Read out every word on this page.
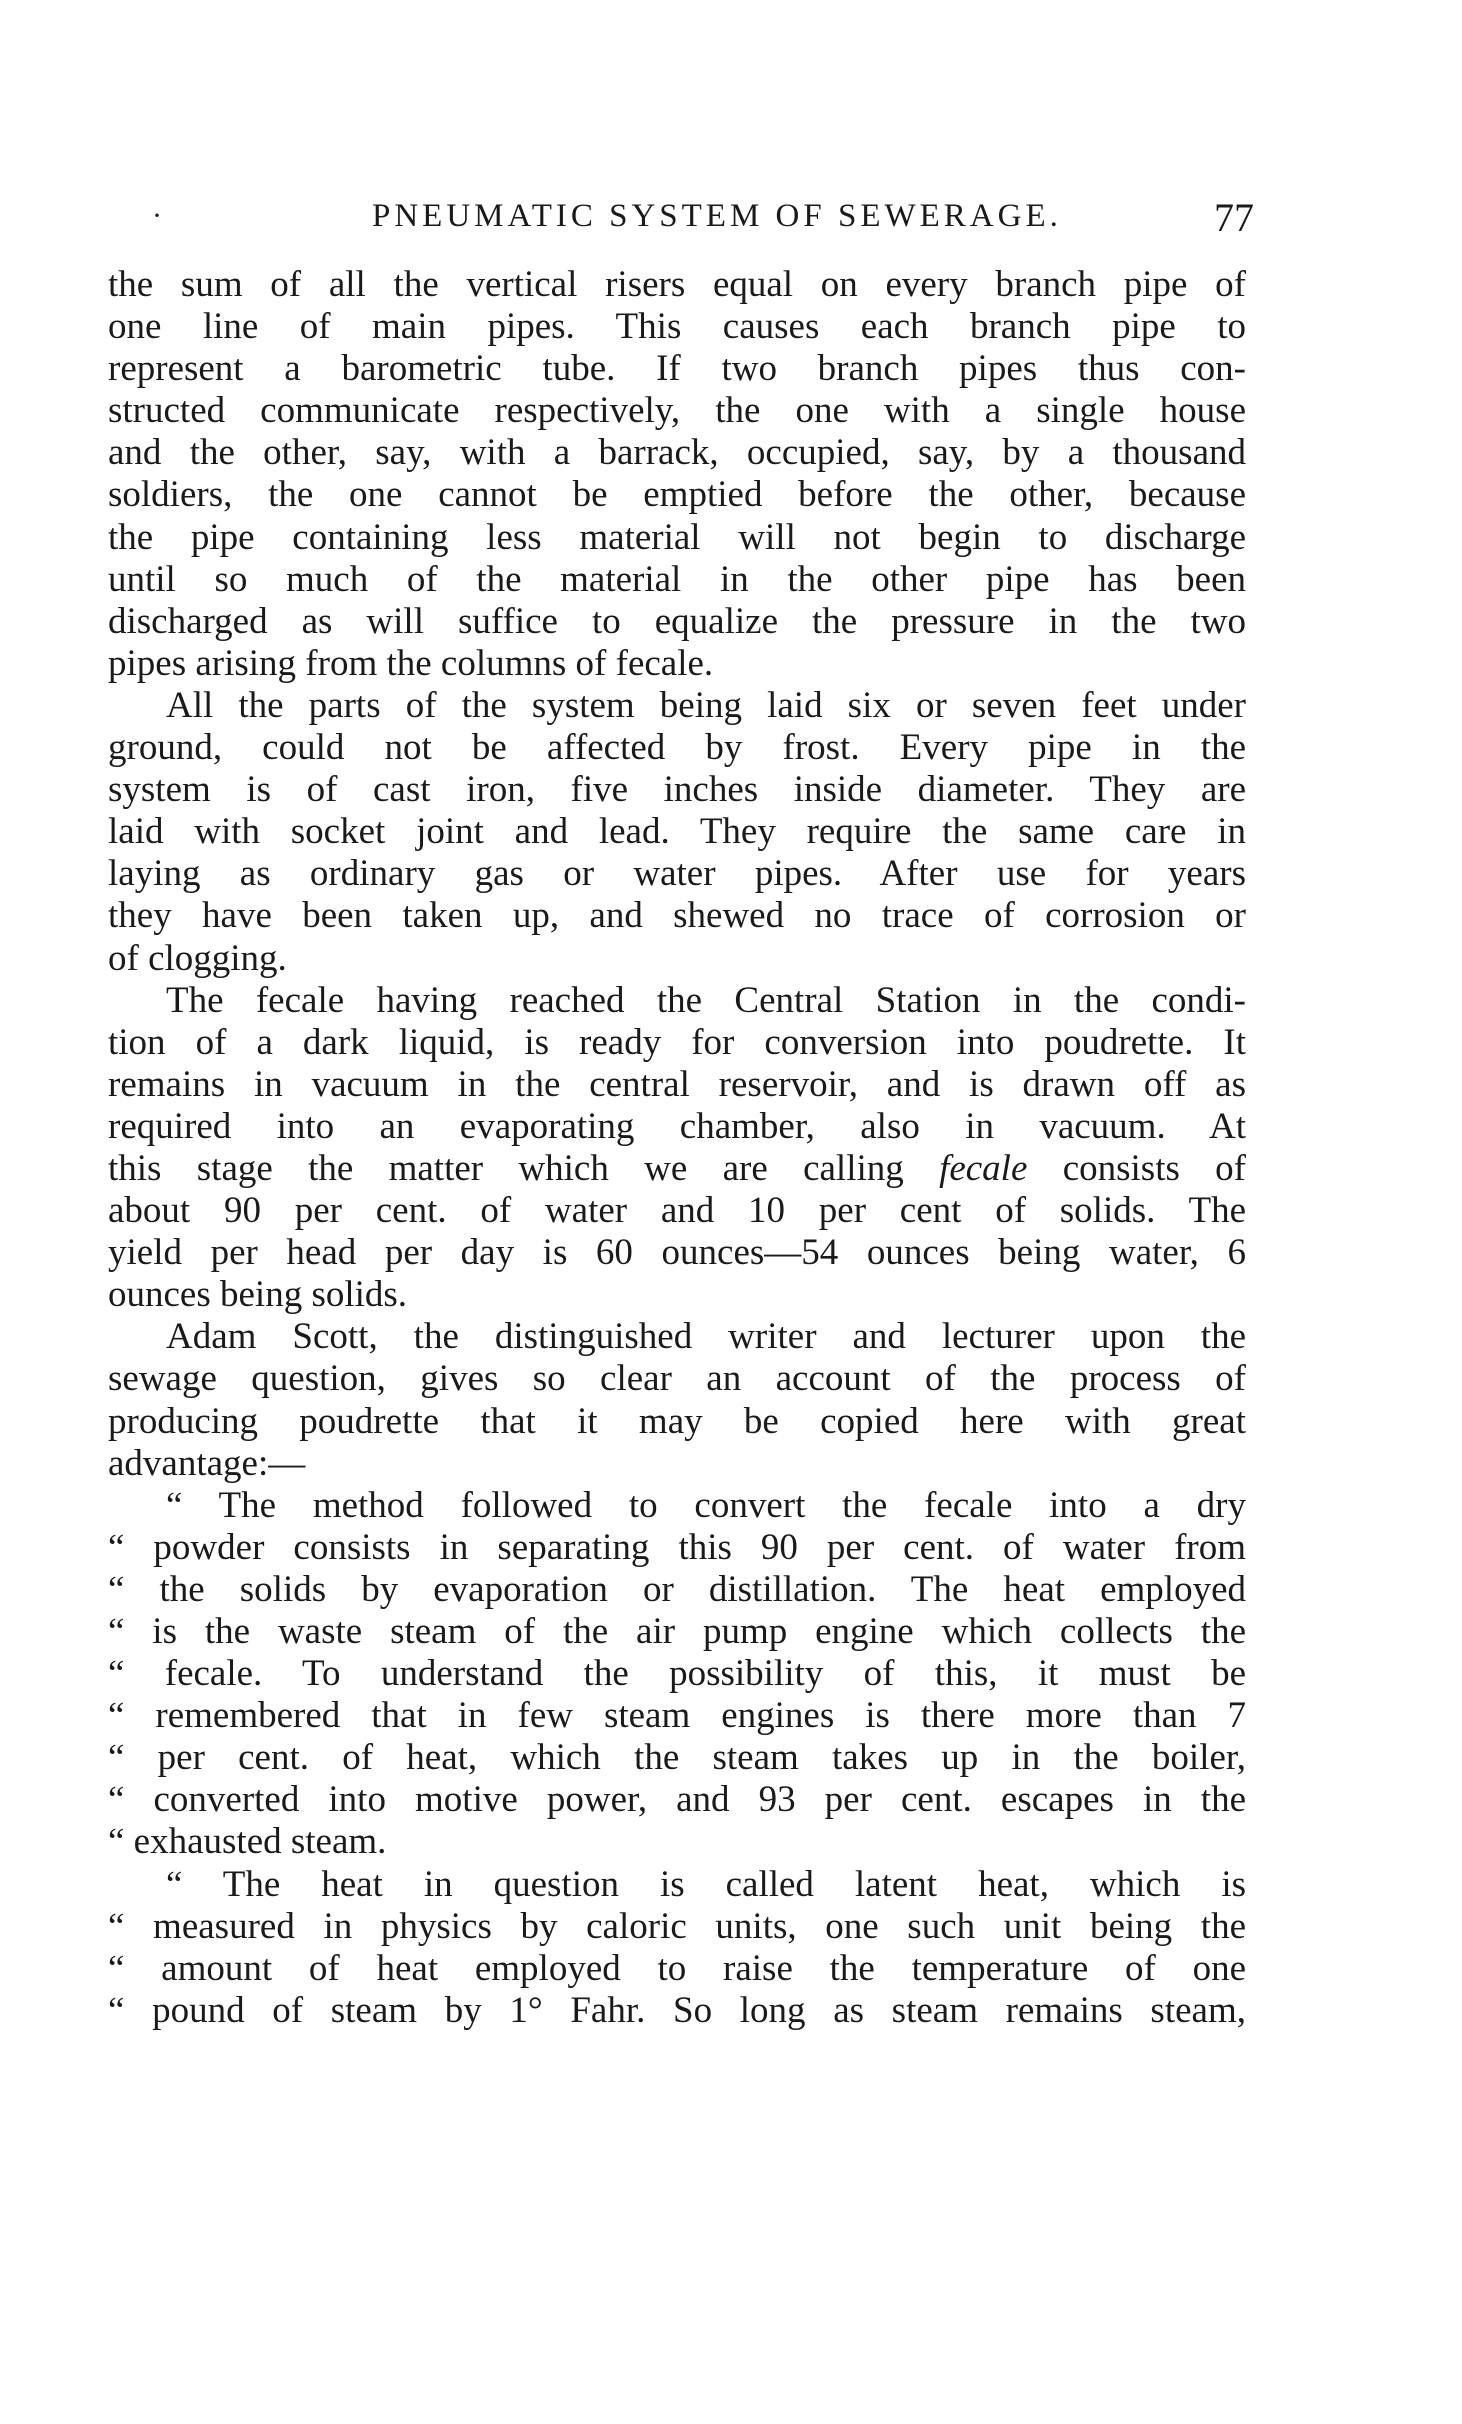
·	PNEUMATIC SYSTEM OF SEWERAGE.	77

the sum of all the vertical risers equal on every branch pipe of
one line of main pipes. This causes each branch pipe to
represent a barometric tube. If two branch pipes thus con-
structed communicate respectively, the one with a single house
and the other, say, with a barrack, occupied, say, by a thousand
soldiers, the one cannot be emptied before the other, because
the pipe containing less material will not begin to discharge
until so much of the material in the other pipe has been
discharged as will suffice to equalize the pressure in the two
pipes arising from the columns of fecale.

All the parts of the system being laid six or seven feet under
ground, could not be affected by frost. Every pipe in the
system is of cast iron, five inches inside diameter. They are
laid with socket joint and lead. They require the same care in
laying as ordinary gas or water pipes. After use for years
they have been taken up, and shewed no trace of corrosion or
of clogging.

The fecale having reached the Central Station in the condi-
tion of a dark liquid, is ready for conversion into poudrette. It
remains in vacuum in the central reservoir, and is drawn off as
required into an evaporating chamber, also in vacuum. At
this stage the matter which we are calling fecale consists of
about 90 per cent. of water and 10 per cent of solids. The
yield per head per day is 60 ounces—54 ounces being water, 6
ounces being solids.

Adam Scott, the distinguished writer and lecturer upon the
sewage question, gives so clear an account of the process of
producing poudrette that it may be copied here with great
advantage:—

“ The method followed to convert the fecale into a dry
“ powder consists in separating this 90 per cent. of water from
“ the solids by evaporation or distillation. The heat employed
“ is the waste steam of the air pump engine which collects the
“ fecale. To understand the possibility of this, it must be
“ remembered that in few steam engines is there more than 7
“ per cent. of heat, which the steam takes up in the boiler,
“ converted into motive power, and 93 per cent. escapes in the
“ exhausted steam.

“ The heat in question is called latent heat, which is
“ measured in physics by caloric units, one such unit being the
“ amount of heat employed to raise the temperature of one
“ pound of steam by 1° Fahr. So long as steam remains steam,
